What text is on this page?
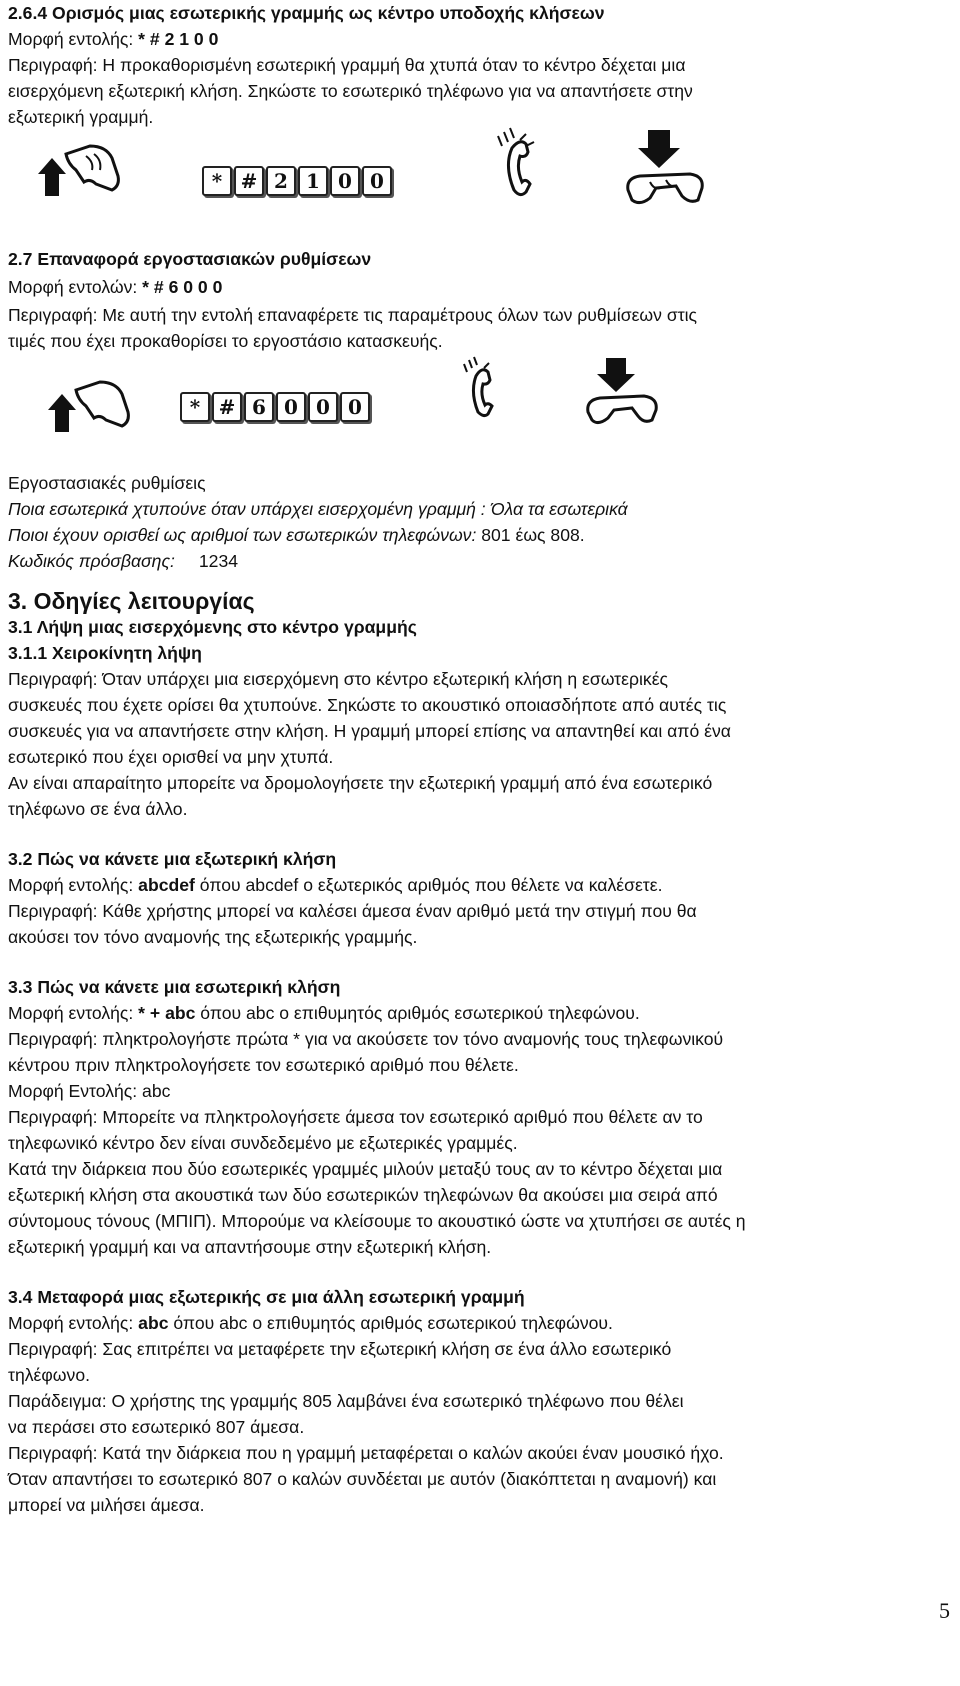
2.6.4 Ορισμός μιας εσωτερικής γραμμής ως κέντρο υποδοχής κλήσεων
Μορφή εντολής: * # 2 1 0 0
Περιγραφή: Η προκαθορισμένη εσωτερική γραμμή θα χτυπά όταν το κέντρο δέχεται μια
εισερχόμενη εξωτερική κλήση. Σηκώστε το εσωτερικό τηλέφωνο για να απαντήσετε στην
εξωτερική γραμμή.
* # 2 1 0 0
2.7 Επαναφορά εργοστασιακών ρυθμίσεων
Μορφή εντολών: * # 6 0 0 0
Περιγραφή: Με αυτή την εντολή επαναφέρετε τις παραμέτρους όλων των ρυθμίσεων στις
τιμές που έχει προκαθορίσει το εργοστάσιο κατασκευής.
* # 6 0 0 0
Εργοστασιακές ρυθμίσεις
Ποια εσωτερικά χτυπούνε όταν υπάρχει εισερχομένη γραμμή : Όλα τα εσωτερικά
Ποιοι έχουν ορισθεί ως αριθμοί των εσωτερικών τηλεφώνων: 801 έως 808.
Κωδικός πρόσβασης: 1234
3. Οδηγίες λειτουργίας
3.1 Λήψη μιας εισερχόμενης στο κέντρο γραμμής
3.1.1 Χειροκίνητη λήψη
Περιγραφή: Όταν υπάρχει μια εισερχόμενη στο κέντρο εξωτερική κλήση η εσωτερικές
συσκευές που έχετε ορίσει θα χτυπούνε. Σηκώστε το ακουστικό οποιασδήποτε από αυτές τις
συσκευές για να απαντήσετε στην κλήση. Η γραμμή μπορεί επίσης να απαντηθεί και από ένα
εσωτερικό που έχει ορισθεί να μην χτυπά.
Αν είναι απαραίτητο μπορείτε να δρομολογήσετε την εξωτερική γραμμή από ένα εσωτερικό
τηλέφωνο σε ένα άλλο.
3.2 Πώς να κάνετε μια εξωτερική κλήση
Μορφή εντολής: abcdef όπου abcdef ο εξωτερικός αριθμός που θέλετε να καλέσετε.
Περιγραφή: Κάθε χρήστης μπορεί να καλέσει άμεσα έναν αριθμό μετά την στιγμή που θα
ακούσει τον τόνο αναμονής της εξωτερικής γραμμής.
3.3 Πώς να κάνετε μια εσωτερική κλήση
Μορφή εντολής: * + abc όπου abc ο επιθυμητός αριθμός εσωτερικού τηλεφώνου.
Περιγραφή: πληκτρολογήστε πρώτα * για να ακούσετε τον τόνο αναμονής τους τηλεφωνικού
κέντρου πριν πληκτρολογήσετε τον εσωτερικό αριθμό που θέλετε.
Μορφή Εντολής: abc
Περιγραφή: Μπορείτε να πληκτρολογήσετε άμεσα τον εσωτερικό αριθμό που θέλετε αν το
τηλεφωνικό κέντρο δεν είναι συνδεδεμένο με εξωτερικές γραμμές.
Κατά την διάρκεια που δύο εσωτερικές γραμμές μιλούν μεταξύ τους αν το κέντρο δέχεται μια
εξωτερική κλήση στα ακουστικά των δύο εσωτερικών τηλεφώνων θα ακούσει μια σειρά από
σύντομους τόνους (ΜΠΙΠ). Μπορούμε να κλείσουμε το ακουστικό ώστε να χτυπήσει σε αυτές η
εξωτερική γραμμή και να απαντήσουμε στην εξωτερική κλήση.
3.4 Μεταφορά μιας εξωτερικής σε μια άλλη εσωτερική γραμμή
Μορφή εντολής: abc όπου abc ο επιθυμητός αριθμός εσωτερικού τηλεφώνου.
Περιγραφή: Σας επιτρέπει να μεταφέρετε την εξωτερική κλήση σε ένα άλλο εσωτερικό
τηλέφωνο.
Παράδειγμα: Ο χρήστης της γραμμής 805 λαμβάνει ένα εσωτερικό τηλέφωνο που θέλει
να περάσει στο εσωτερικό 807 άμεσα.
Περιγραφή: Κατά την διάρκεια που η γραμμή μεταφέρεται ο καλών ακούει έναν μουσικό ήχο.
Όταν απαντήσει το εσωτερικό 807 ο καλών συνδέεται με αυτόν (διακόπτεται η αναμονή) και
μπορεί να μιλήσει άμεσα.
5
